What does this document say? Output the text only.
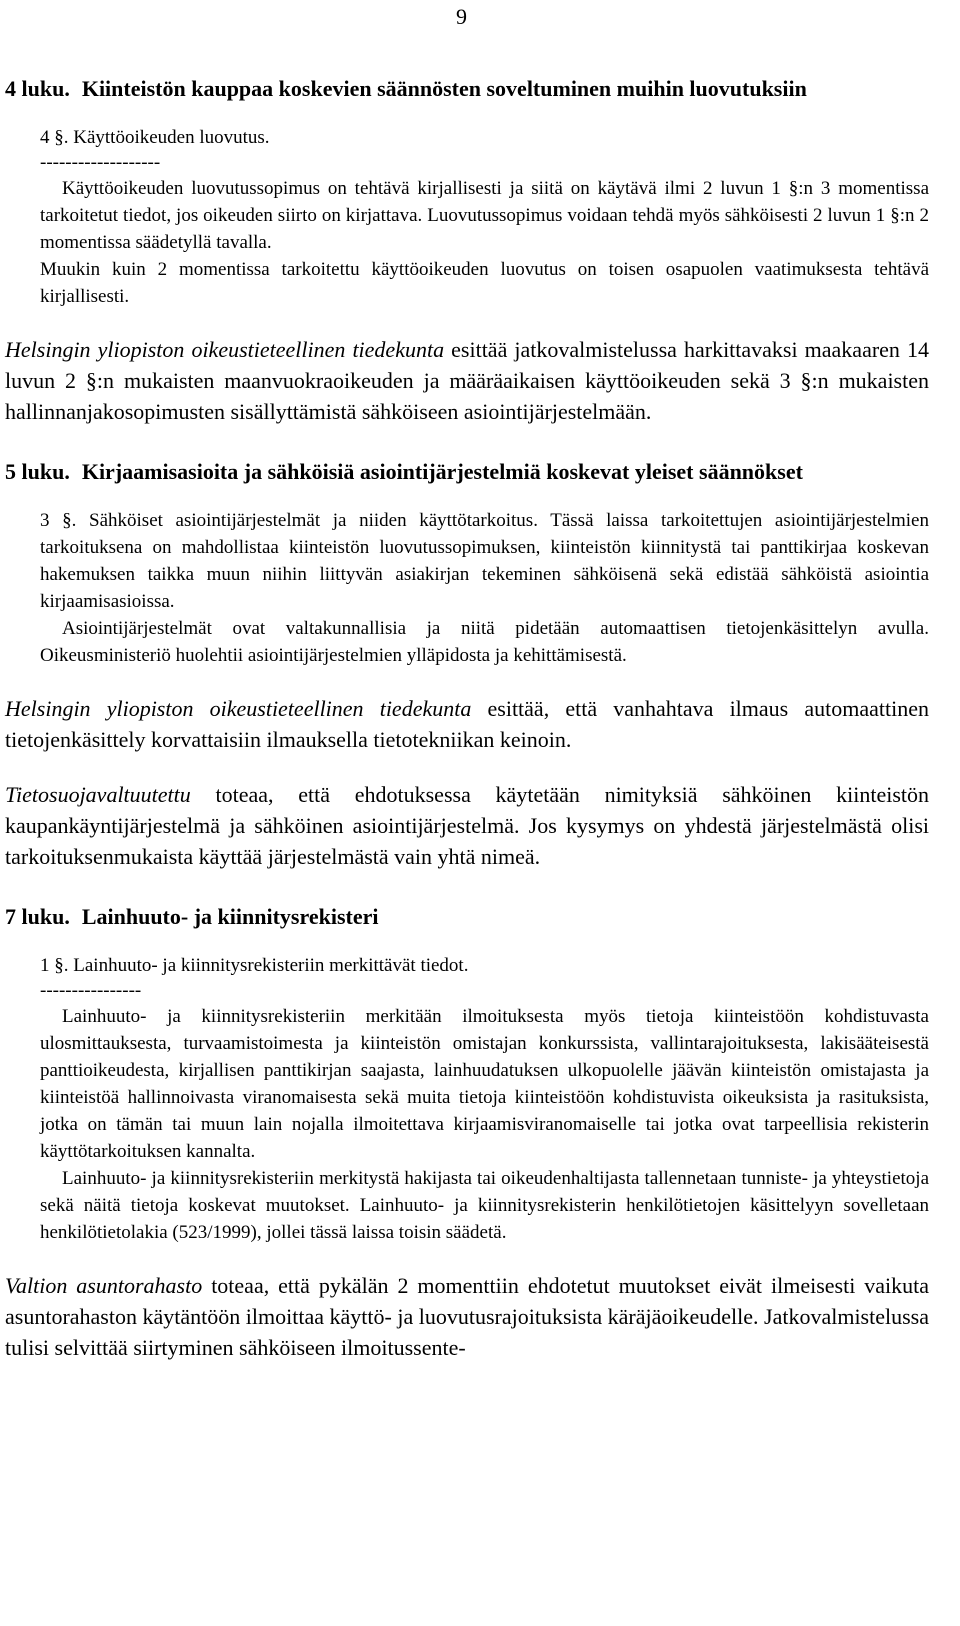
9

4 luku. Kiinteistön kauppaa koskevien säännösten soveltuminen muihin luovutuksiin

4 §. Käyttöoikeuden luovutus.
-------------------

Käyttöoikeuden luovutussopimus on tehtävä kirjallisesti ja siitä on käytävä ilmi 2 luvun 1 §:n 3 momentissa tarkoitetut tiedot, jos oikeuden siirto on kirjattava. Luovutussopimus voidaan tehdä myös sähköisesti 2 luvun 1 §:n 2 momentissa säädetyllä tavalla.

Muukin kuin 2 momentissa tarkoitettu käyttöoikeuden luovutus on toisen osapuolen vaatimuksesta tehtävä kirjallisesti.

Helsingin yliopiston oikeustieteellinen tiedekunta esittää jatkovalmistelussa harkittavaksi maakaaren 14 luvun 2 §:n mukaisten maanvuokraoikeuden ja määräaikaisen käyttöoikeuden sekä 3 §:n mukaisten hallinnanjakosopimusten sisällyttämistä sähköiseen asiointijärjestelmään.

5 luku. Kirjaamisasioita ja sähköisiä asiointijärjestelmiä koskevat yleiset säännökset

3 §. Sähköiset asiointijärjestelmät ja niiden käyttötarkoitus. Tässä laissa tarkoitettujen asiointijärjestelmien tarkoituksena on mahdollistaa kiinteistön luovutussopimuksen, kiinteistön kiinnitystä tai panttikirjaa koskevan hakemuksen taikka muun niihin liittyvän asiakirjan tekeminen sähköisenä sekä edistää sähköistä asiointia kirjaamisasioissa.

Asiointijärjestelmät ovat valtakunnallisia ja niitä pidetään automaattisen tietojenkäsittelyn avulla. Oikeusministeriö huolehtii asiointijärjestelmien ylläpidosta ja kehittämisestä.

Helsingin yliopiston oikeustieteellinen tiedekunta esittää, että vanhahtava ilmaus automaattinen tietojenkäsittely korvattaisiin ilmauksella tietotekniikan keinoin.

Tietosuojavaltuutettu toteaa, että ehdotuksessa käytetään nimityksiä sähköinen kiinteistön kaupankäyntijärjestelmä ja sähköinen asiointijärjestelmä. Jos kysymys on yhdestä järjestelmästä olisi tarkoituksenmukaista käyttää järjestelmästä vain yhtä nimeä.

7 luku. Lainhuuto- ja kiinnitysrekisteri

1 §. Lainhuuto- ja kiinnitysrekisteriin merkittävät tiedot.
----------------

Lainhuuto- ja kiinnitysrekisteriin merkitään ilmoituksesta myös tietoja kiinteistöön kohdistuvasta ulosmittauksesta, turvaamistoimesta ja kiinteistön omistajan konkurssista, vallintarajoituksesta, lakisääteisestä panttioikeudesta, kirjallisen panttikirjan saajasta, lainhuudatuksen ulkopuolelle jäävän kiinteistön omistajasta ja kiinteistöä hallinnoivasta viranomaisesta sekä muita tietoja kiinteistöön kohdistuvista oikeuksista ja rasituksista, jotka on tämän tai muun lain nojalla ilmoitettava kirjaamisviranomaiselle tai jotka ovat tarpeellisia rekisterin käyttötarkoituksen kannalta.

Lainhuuto- ja kiinnitysrekisteriin merkitystä hakijasta tai oikeudenhaltijasta tallennetaan tunniste- ja yhteystietoja sekä näitä tietoja koskevat muutokset. Lainhuuto- ja kiinnitysrekisterin henkilötietojen käsittelyyn sovelletaan henkilötietolakia (523/1999), jollei tässä laissa toisin säädetä.

Valtion asuntorahasto toteaa, että pykälän 2 momenttiin ehdotetut muutokset eivät ilmeisesti vaikuta asuntorahaston käytäntöön ilmoittaa käyttö- ja luovutusrajoituksista käräjäoikeudelle. Jatkovalmistelussa tulisi selvittää siirtyminen sähköiseen ilmoitussente-
